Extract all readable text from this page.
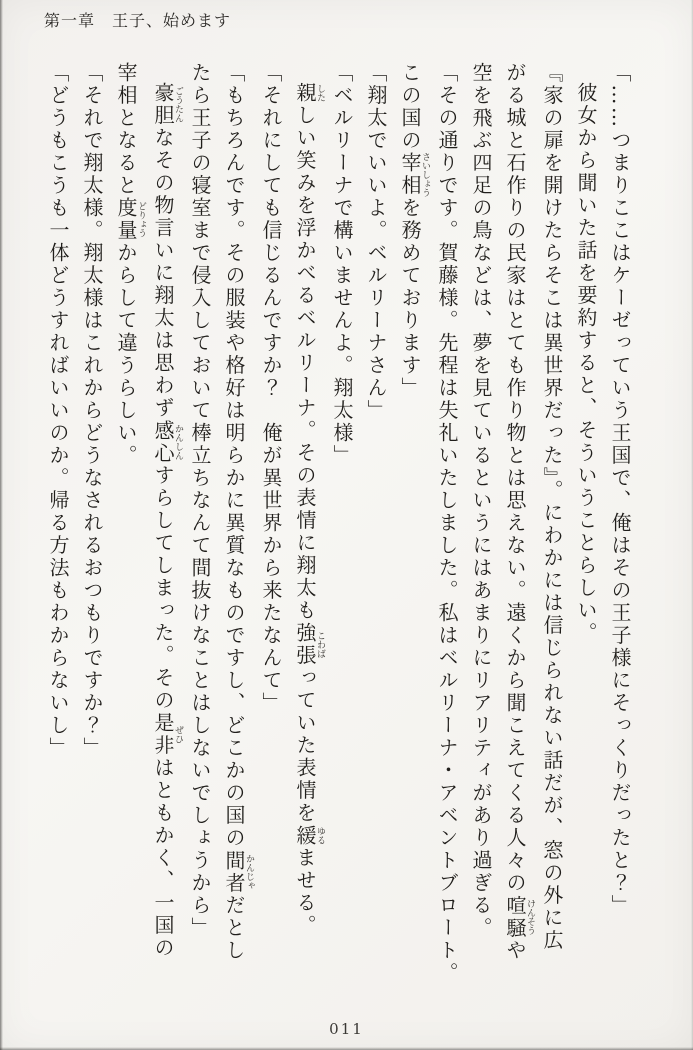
第一章　王子、始めます

「……つまりここはケーゼっていう王国で、俺はその王子様にそっくりだったと？」

彼女から聞いた話を要約すると、そういうことらしい。

『家の扉を開けたらそこは異世界だった』。にわかには信じられない話だが、窓の外に広

がる城と石作りの民家はとても作り物とは思えない。遠くから聞こえてくる人々の喧騒けんそうや

空を飛ぶ四足の鳥などは、夢を見ているというにはあまりにリアリティがあり過ぎる。

「その通りです。賀藤様。先程は失礼いたしました。私はベルリーナ・アベントブロート。

この国の宰相さいしょうを務めております」

「翔太でいいよ。ベルリーナさん」

「ベルリーナで構いませんよ。翔太様」

親したしい笑みを浮かべるベルリーナ。その表情に翔太も強張こわばっていた表情を緩ゆるませる。

「それにしても信じるんですか？　俺が異世界から来たなんて」

「もちろんです。その服装や格好は明らかに異質なものですし、どこかの国の間者かんじゃだとし

たら王子の寝室まで侵入しておいて棒立ちなんて間抜けなことはしないでしょうから」

豪胆ごうたんなその物言いに翔太は思わず感心かんしんすらしてしまった。その是非ぜひはともかく、一国の

宰相となると度量どりょうからして違うらしい。

「それで翔太様。翔太様はこれからどうなされるおつもりですか？」

「どうもこうも一体どうすればいいのか。帰る方法もわからないし」

011
